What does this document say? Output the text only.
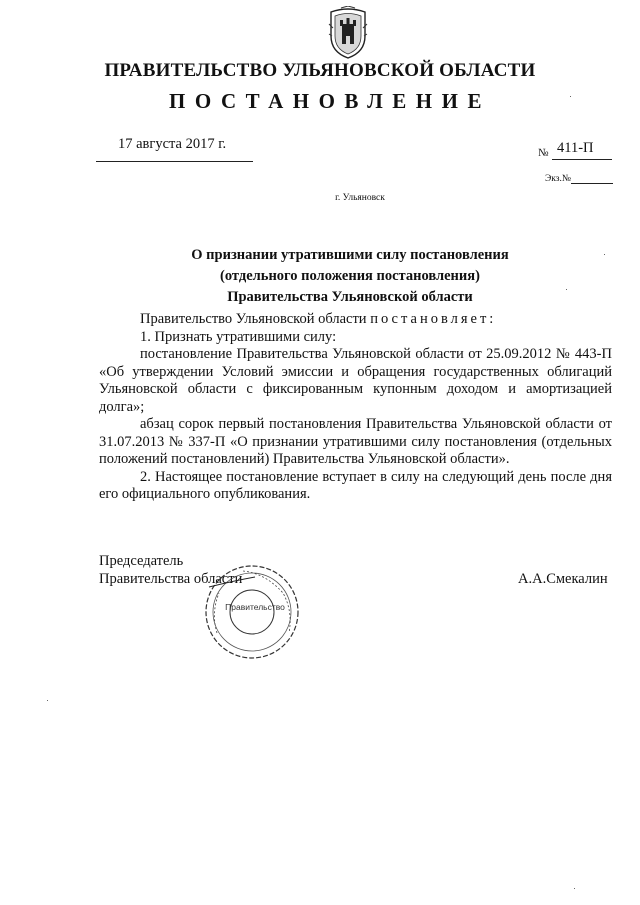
ПРАВИТЕЛЬСТВО УЛЬЯНОВСКОЙ ОБЛАСТИ
ПОСТАНОВЛЕНИЕ
17 августа 2017 г.
№ 411-П
Экз.№
г. Ульяновск
О признании утратившими силу постановления
(отдельного положения постановления)
Правительства Ульяновской области

Правительство Ульяновской области постановляет:

1. Признать утратившими силу:

постановление Правительства Ульяновской области от 25.09.2012 № 443-П «Об утверждении Условий эмиссии и обращения государственных облигаций Ульяновской области с фиксированным купонным доходом и амортизацией долга»;

абзац сорок первый постановления Правительства Ульяновской области от 31.07.2013 № 337-П «О признании утратившими силу постановления (отдельных положений постановлений) Правительства Ульяновской области».

2. Настоящее постановление вступает в силу на следующий день после дня его официального опубликования.

Председатель
Правительства области	А.А.Смекалин
Правительство
